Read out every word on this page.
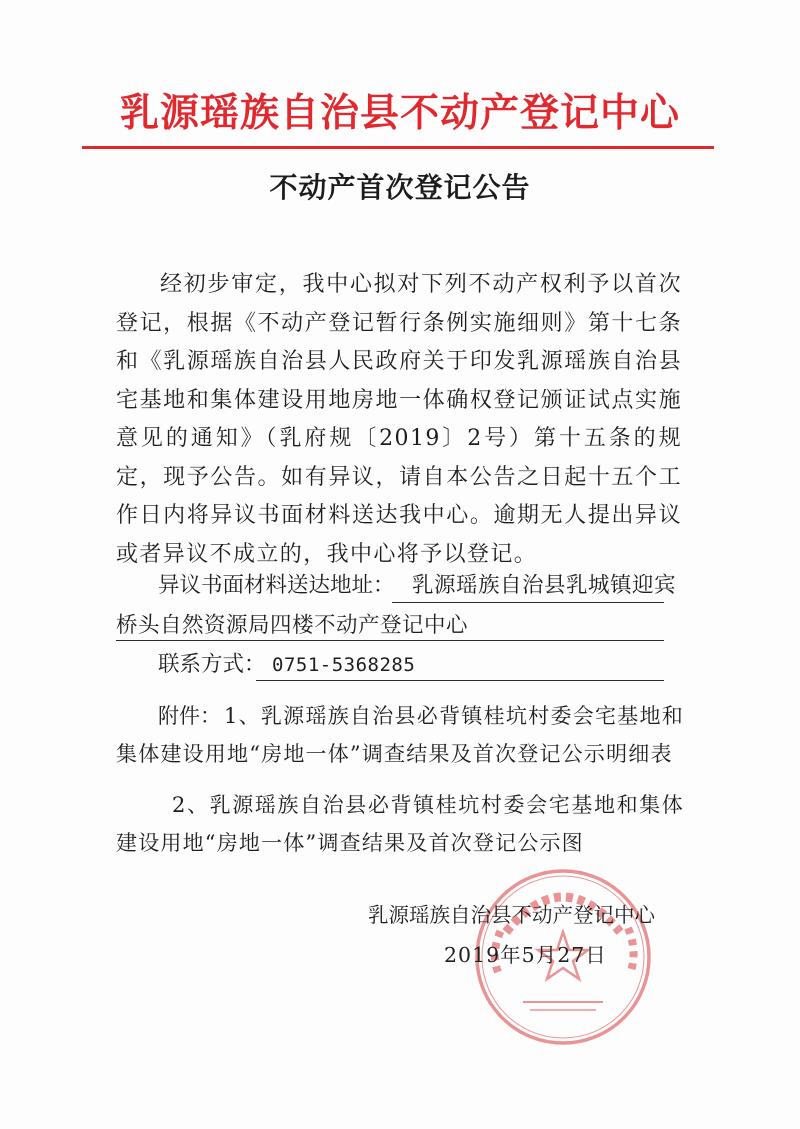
乳源瑶族自治县不动产登记中心
不动产首次登记公告

经初步审定，我中心拟对下列不动产权利予以首次登记，根据《不动产登记暂行条例实施细则》第十七条和《乳源瑶族自治县人民政府关于印发乳源瑶族自治县宅基地和集体建设用地房地一体确权登记颁证试点实施意见的通知》（乳府规〔2019〕2号）第十五条的规定，现予公告。如有异议，请自本公告之日起十五个工作日内将异议书面材料送达我中心。逾期无人提出异议或者异议不成立的，我中心将予以登记。

异议书面材料送达地址： 乳源瑶族自治县乳城镇迎宾
桥头自然资源局四楼不动产登记中心
联系方式： 0751-5368285
附件： 1、乳源瑶族自治县必背镇桂坑村委会宅基地和集体建设用地“房地一体”调查结果及首次登记公示明细表

2、乳源瑶族自治县必背镇桂坑村委会宅基地和集体建设用地“房地一体”调查结果及首次登记公示图

乳源瑶族自治县不动产登记中心
2019年5月27日
